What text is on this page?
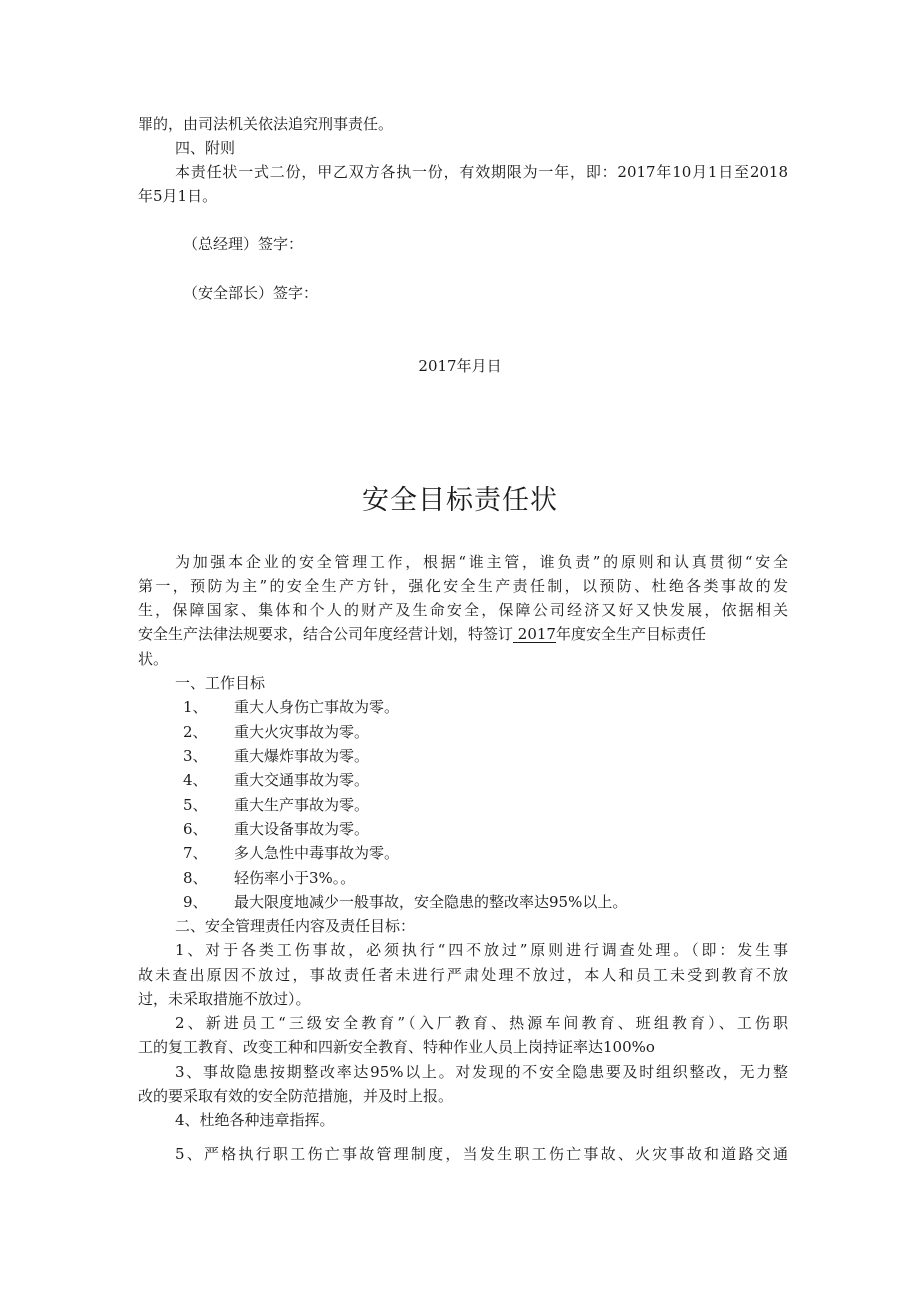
罪的，由司法机关依法追究刑事责任。
四、附则
本责任状一式二份，甲乙双方各执一份，有效期限为一年，即：2017年10月1日至2018
年5月1日。
（总经理）签字：
（安全部长）签字：
2017年月日
安全目标责任状
为加强本企业的安全管理工作，根据“谁主管，谁负责”的原则和认真贯彻“安全
第一，预防为主”的安全生产方针，强化安全生产责任制，以预防、杜绝各类事故的发
生，保障国家、集体和个人的财产及生命安全，保障公司经济又好又快发展，依据相关
安全生产法律法规要求，结合公司年度经营计划，特签订 2017年度安全生产目标责任
状。
一、工作目标
1、	重大人身伤亡事故为零。
2、	重大火灾事故为零。
3、	重大爆炸事故为零。
4、	重大交通事故为零。
5、	重大生产事故为零。
6、	重大设备事故为零。
7、	多人急性中毒事故为零。
8、	轻伤率小于3%。。
9、	最大限度地减少一般事故，安全隐患的整改率达95%以上。
二、安全管理责任内容及责任目标：
1、对于各类工伤事故，必须执行“四不放过”原则进行调查处理。（即：发生事
故未查出原因不放过，事故责任者未进行严肃处理不放过，本人和员工未受到教育不放
过，未采取措施不放过）。
2、新进员工“三级安全教育”（入厂教育、热源车间教育、班组教育）、工伤职
工的复工教育、改变工种和四新安全教育、特种作业人员上岗持证率达100%o
3、事故隐患按期整改率达95%以上。对发现的不安全隐患要及时组织整改，无力整
改的要采取有效的安全防范措施，并及时上报。
4、杜绝各种违章指挥。
5、严格执行职工伤亡事故管理制度，当发生职工伤亡事故、火灾事故和道路交通
